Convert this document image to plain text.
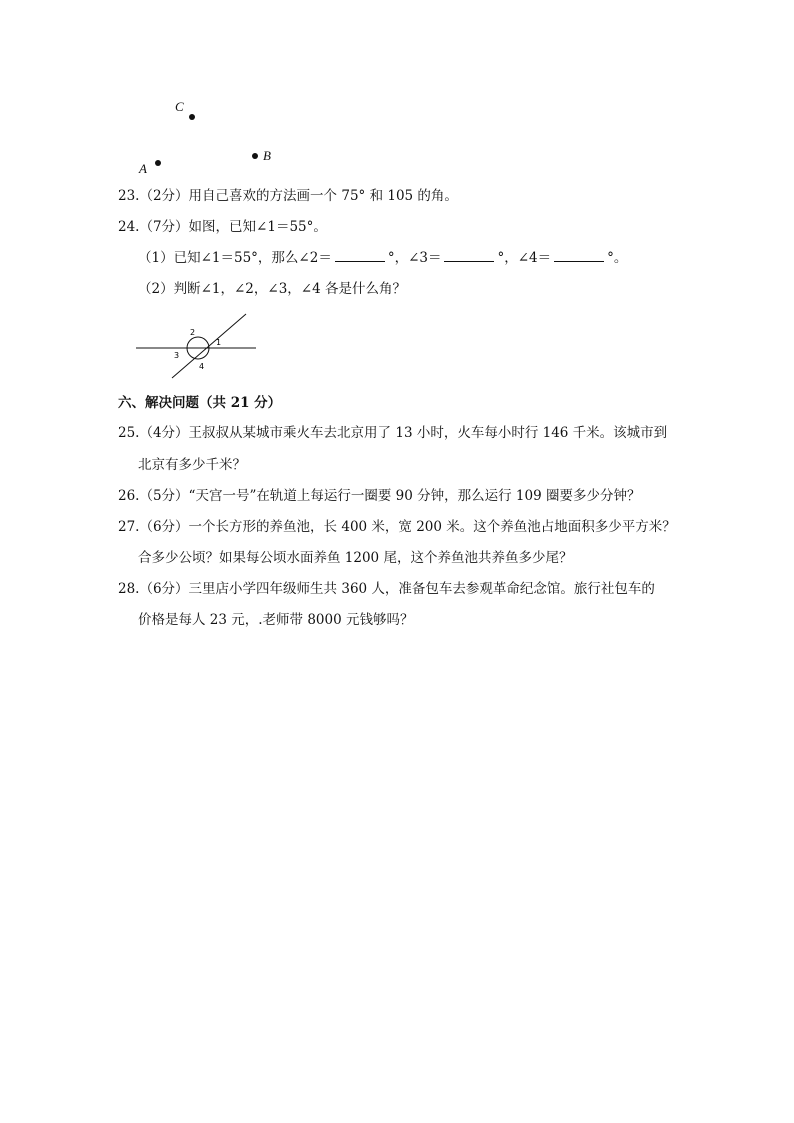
C
A
B
23.（2分）用自己喜欢的方法画一个 75° 和 105 的角。
24.（7分）如图，已知∠1＝55°。
（1）已知∠1＝55°，那么∠2＝	°，∠3＝	°，∠4＝	°。
（2）判断∠1，∠2，∠3，∠4 各是什么角？
2
1
3
4
六、解决问题（共 21 分）
25.（4分）王叔叔从某城市乘火车去北京用了 13 小时，火车每小时行 146 千米。该城市到
北京有多少千米？
26.（5分）“天宫一号”在轨道上每运行一圈要 90 分钟，那么运行 109 圈要多少分钟？
27.（6分）一个长方形的养鱼池，长 400 米，宽 200 米。这个养鱼池占地面积多少平方米？
合多少公顷？如果每公顷水面养鱼 1200 尾，这个养鱼池共养鱼多少尾？
28.（6分）三里店小学四年级师生共 360 人，准备包车去参观革命纪念馆。旅行社包车的
价格是每人 23 元，.老师带 8000 元钱够吗？
